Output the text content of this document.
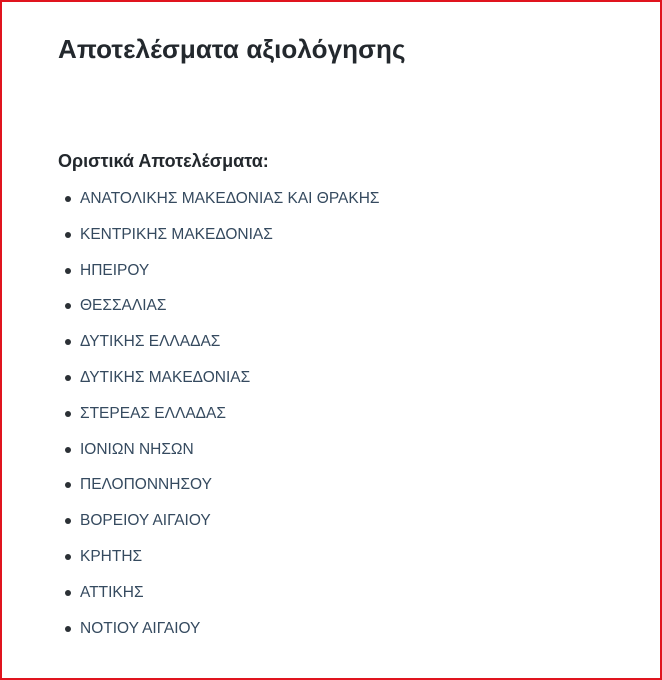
Αποτελέσματα αξιολόγησης
Οριστικά Αποτελέσματα:
ΑΝΑΤΟΛΙΚΗΣ ΜΑΚΕΔΟΝΙΑΣ ΚΑΙ ΘΡΑΚΗΣ
ΚΕΝΤΡΙΚΗΣ ΜΑΚΕΔΟΝΙΑΣ
ΗΠΕΙΡΟΥ
ΘΕΣΣΑΛΙΑΣ
ΔΥΤΙΚΗΣ ΕΛΛΑΔΑΣ
ΔΥΤΙΚΗΣ ΜΑΚΕΔΟΝΙΑΣ
ΣΤΕΡΕΑΣ ΕΛΛΑΔΑΣ
ΙΟΝΙΩΝ ΝΗΣΩΝ
ΠΕΛΟΠΟΝΝΗΣΟΥ
ΒΟΡΕΙΟΥ ΑΙΓΑΙΟΥ
ΚΡΗΤΗΣ
ΑΤΤΙΚΗΣ
ΝΟΤΙΟΥ ΑΙΓΑΙΟΥ
